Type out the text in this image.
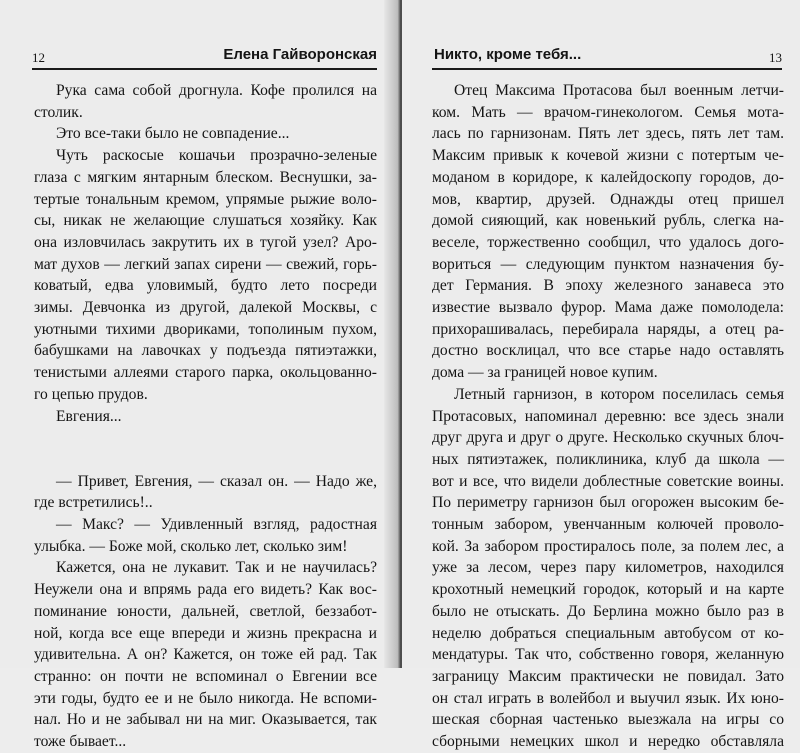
12	Елена Гайворонская
Рука сама собой дрогнула. Кофе пролился на
столик.
Это все-таки было не совпадение...
Чуть раскосые кошачьи прозрачно-зеленые
глаза с мягким янтарным блеском. Веснушки, за-
тертые тональным кремом, упрямые рыжие воло-
сы, никак не желающие слушаться хозяйку. Как
она изловчилась закрутить их в тугой узел? Аро-
мат духов — легкий запах сирени — свежий, горь-
коватый, едва уловимый, будто лето посреди
зимы. Девчонка из другой, далекой Москвы, с
уютными тихими двориками, тополиным пухом,
бабушками на лавочках у подъезда пятиэтажки,
тенистыми аллеями старого парка, окольцованно-
го цепью прудов.
Евгения...
— Привет, Евгения, — сказал он. — Надо же,
где встретились!..
— Макс? — Удивленный взгляд, радостная
улыбка. — Боже мой, сколько лет, сколько зим!
Кажется, она не лукавит. Так и не научилась?
Неужели она и впрямь рада его видеть? Как вос-
поминание юности, дальней, светлой, беззабот-
ной, когда все еще впереди и жизнь прекрасна и
удивительна. А он? Кажется, он тоже ей рад. Так
странно: он почти не вспоминал о Евгении все
эти годы, будто ее и не было никогда. Не вспоми-
нал. Но и не забывал ни на миг. Оказывается, так
тоже бывает...
Никто, кроме тебя...	13
Отец Максима Протасова был военным летчи-
ком. Мать — врачом-гинекологом. Семья мота-
лась по гарнизонам. Пять лет здесь, пять лет там.
Максим привык к кочевой жизни с потертым че-
моданом в коридоре, к калейдоскопу городов, до-
мов, квартир, друзей. Однажды отец пришел
домой сияющий, как новенький рубль, слегка на-
веселе, торжественно сообщил, что удалось дого-
вориться — следующим пунктом назначения бу-
дет Германия. В эпоху железного занавеса это
известие вызвало фурор. Мама даже помолодела:
прихорашивалась, перебирала наряды, а отец ра-
достно восклицал, что все старье надо оставлять
дома — за границей новое купим.
Летный гарнизон, в котором поселилась семья
Протасовых, напоминал деревню: все здесь знали
друг друга и друг о друге. Несколько скучных блоч-
ных пятиэтажек, поликлиника, клуб да школа —
вот и все, что видели доблестные советские воины.
По периметру гарнизон был огорожен высоким бе-
тонным забором, увенчанным колючей проволо-
кой. За забором простиралось поле, за полем лес, а
уже за лесом, через пару километров, находился
крохотный немецкий городок, который и на карте
было не отыскать. До Берлина можно было раз в
неделю добраться специальным автобусом от ко-
мендатуры. Так что, собственно говоря, желанную
заграницу Максим практически не повидал. Зато
он стал играть в волейбол и выучил язык. Их юно-
шеская сборная частенько выезжала на игры со
сборными немецких школ и нередко обставляла
